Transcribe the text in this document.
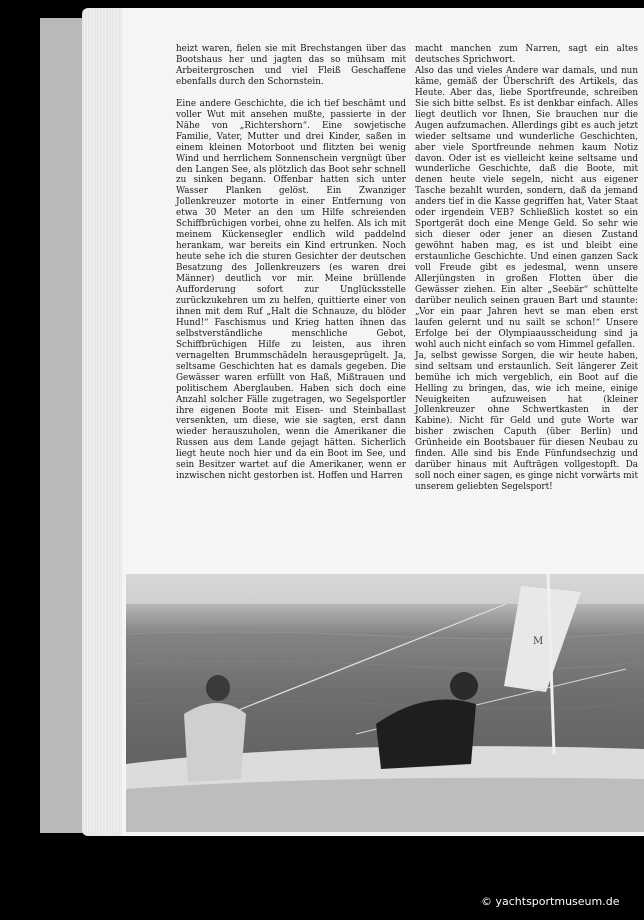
heizt waren, fielen sie mit Brechstangen über das Bootshaus her und jagten das so mühsam mit Arbeitergroschen und viel Fleiß Geschaffene ebenfalls durch den Schornstein.

Eine andere Geschichte, die ich tief beschämt und voller Wut mit ansehen mußte, passierte in der Nähe von „Richtershorn“. Eine sowjetische Familie, Vater, Mutter und drei Kinder, saßen in einem kleinen Motorboot und flitzten bei wenig Wind und herrlichem Sonnenschein vergnügt über den Langen See, als plötzlich das Boot sehr schnell zu sinken begann. Offenbar hatten sich unter Wasser Planken gelöst. Ein Zwanziger Jollenkreuzer motorte in einer Entfernung von etwa 30 Meter an den um Hilfe schreienden Schiffbrüchigen vorbei, ohne zu helfen. Als ich mit meinem Kückensegler endlich wild paddelnd herankam, war bereits ein Kind ertrunken. Noch heute sehe ich die sturen Gesichter der deutschen Besatzung des Jollenkreuzers (es waren drei Männer) deutlich vor mir. Meine brüllende Aufforderung sofort zur Unglücksstelle zurückzukehren um zu helfen, quittierte einer von ihnen mit dem Ruf „Halt die Schnauze, du blöder Hund!“ Faschismus und Krieg hatten ihnen das selbstverständliche menschliche Gebot, Schiffbrüchigen Hilfe zu leisten, aus ihren vernagelten Brummschädeln herausgeprügelt. Ja, seltsame Geschichten hat es damals gegeben. Die Gewässer waren erfüllt von Haß, Mißtrauen und politischem Aberglauben. Haben sich doch eine Anzahl solcher Fälle zugetragen, wo Segelsportler ihre eigenen Boote mit Eisen- und Steinballast versenkten, um diese, wie sie sagten, erst dann wieder herauszuholen, wenn die Amerikaner die Russen aus dem Lande gejagt hätten. Sicherlich liegt heute noch hier und da ein Boot im See, und sein Besitzer wartet auf die Amerikaner, wenn er inzwischen nicht gestorben ist. Hoffen und Harren

macht manchen zum Narren, sagt ein altes deutsches Sprichwort.

Also das und vieles Andere war damals, und nun käme, gemäß der Überschrift des Artikels, das Heute. Aber das, liebe Sportfreunde, schreiben Sie sich bitte selbst. Es ist denkbar einfach. Alles liegt deutlich vor Ihnen, Sie brauchen nur die Augen aufzumachen. Allerdings gibt es auch jetzt wieder seltsame und wunderliche Geschichten, aber viele Sportfreunde nehmen kaum Notiz davon. Oder ist es vielleicht keine seltsame und wunderliche Geschichte, daß die Boote, mit denen heute viele segeln, nicht aus eigener Tasche bezahlt wurden, sondern, daß da jemand anders tief in die Kasse gegriffen hat, Vater Staat oder irgendein VEB? Schließlich kostet so ein Sportgerät doch eine Menge Geld. So sehr wie sich dieser oder jener an diesen Zustand gewöhnt haben mag, es ist und bleibt eine erstaunliche Geschichte. Und einen ganzen Sack voll Freude gibt es jedesmal, wenn unsere Allerjüngsten in großen Flotten über die Gewässer ziehen. Ein alter „Seebär“ schüttelte darüber neulich seinen grauen Bart und staunte: „Vor ein paar Jahren hevt se man eben erst laufen gelernt und nu sailt se schon!“ Unsere Erfolge bei der Olympiaausscheidung sind ja wohl auch nicht einfach so vom Himmel gefallen.

Ja, selbst gewisse Sorgen, die wir heute haben, sind seltsam und erstaunlich. Seit längerer Zeit bemühe ich mich vergeblich, ein Boot auf die Helling zu bringen, das, wie ich meine, einige Neuigkeiten aufzuweisen hat (kleiner Jollenkreuzer ohne Schwertkasten in der Kabine). Nicht für Geld und gute Worte war bisher zwischen Caputh (über Berlin) und Grünheide ein Bootsbauer für diesen Neubau zu finden. Alle sind bis Ende Fünfundsechzig und darüber hinaus mit Aufträgen vollgestopft. Da soll noch einer sagen, es ginge nicht vorwärts mit unserem geliebten Segelsport!

M
© yachtsportmuseum.de
